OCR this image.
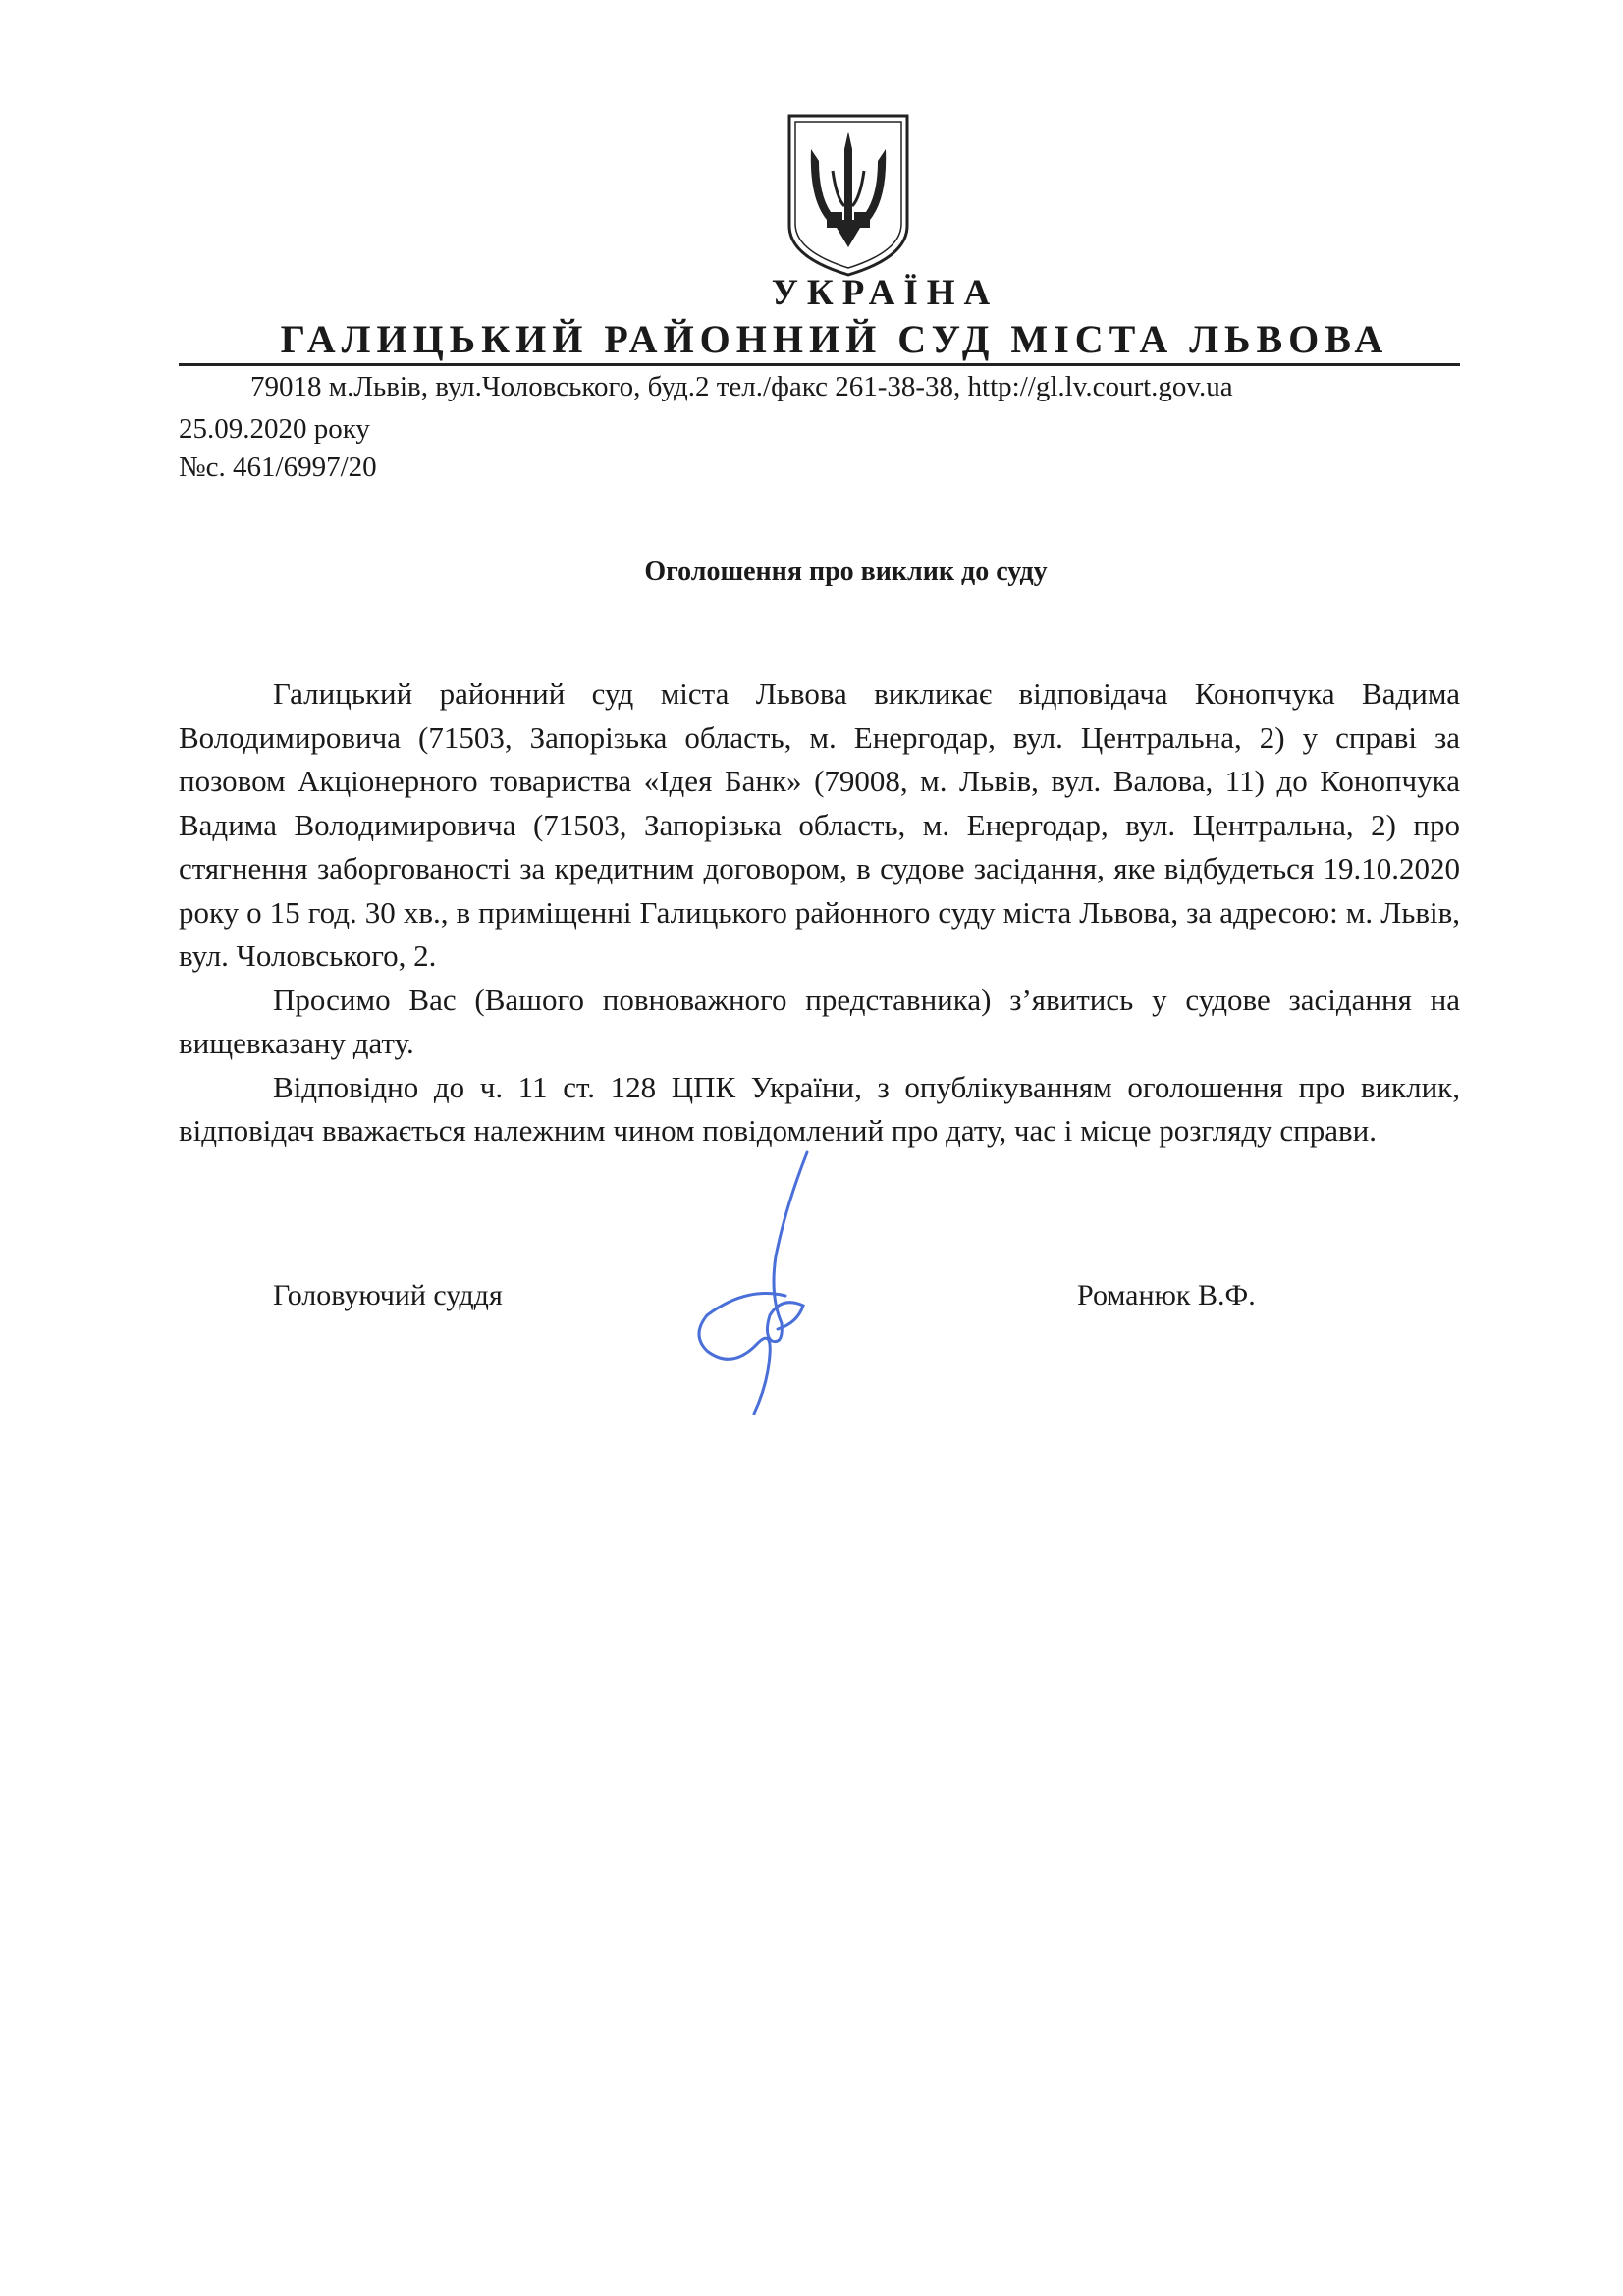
УКРАЇНА
ГАЛИЦЬКИЙ РАЙОННИЙ СУД МІСТА ЛЬВОВА
79018 м.Львів, вул.Чоловського, буд.2 тел./факс 261-38-38, http://gl.lv.court.gov.ua
25.09.2020 року
№с. 461/6997/20
Оголошення про виклик до суду

Галицький районний суд міста Львова викликає відповідача Конопчука Вадима Володимировича (71503, Запорізька область, м. Енергодар, вул. Центральна, 2) у справі за позовом Акціонерного товариства «Ідея Банк» (79008, м. Львів, вул. Валова, 11) до Конопчука Вадима Володимировича (71503, Запорізька область, м. Енергодар, вул. Центральна, 2) про стягнення заборгованості за кредитним договором, в судове засідання, яке відбудеться 19.10.2020 року о 15 год. 30 хв., в приміщенні Галицького районного суду міста Львова, за адресою: м. Львів, вул. Чоловського, 2.

Просимо Вас (Вашого повноважного представника) з’явитись у судове засідання на вищевказану дату.

Відповідно до ч. 11 ст. 128 ЦПК України, з опублікуванням оголошення про виклик, відповідач вважається належним чином повідомлений про дату, час і місце розгляду справи.

Головуючий суддя	Романюк В.Ф.
